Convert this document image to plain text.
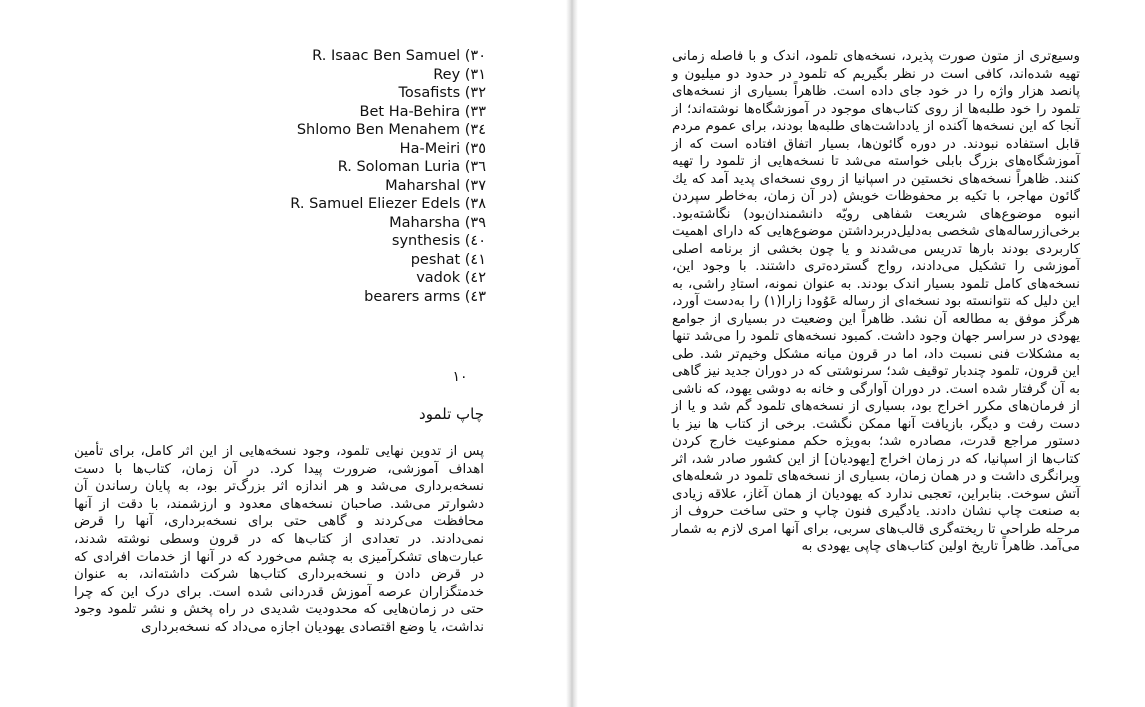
R. Isaac Ben Samuel (٣٠
Rey (٣١
Tosafists (٣٢
Bet Ha-Behira (٣٣
Shlomo Ben Menahem (٣٤
Ha-Meiri (٣٥
R. Soloman Luria (٣٦
Maharshal (٣٧
R. Samuel Eliezer Edels (٣٨
Maharsha (٣٩
synthesis (٤٠
peshat (٤١
vadok (٤٢
bearers arms (٤٣
۱۰
چاپ تلمود

پس از تدوین نهایی تلمود، وجود نسخه‌هایی از این اثر کامل، برای تأمین اهداف آموزشی، ضرورت پیدا کرد. در آن زمان، کتاب‌ها با دست نسخه‌برداری می‌شد و هر اندازه اثر بزرگ‌تر بود، به پایان رساندن آن دشوارتر می‌شد. صاحبان نسخه‌های معدود و ارزشمند، با دقت از آنها محافظت می‌کردند و گاهی حتی برای نسخه‌برداری، آنها را قرض نمی‌دادند. در تعدادی از کتاب‌ها که در قرون وسطی نوشته شدند، عبارت‌های تشکرآمیزی به چشم می‌خورد که در آنها از خدمات افرادی که در قرض دادن و نسخه‌برداری کتاب‌ها شرکت داشته‌اند، به عنوان خدمتگزاران عرصه آموزش قدردانی شده است. برای درک این که چرا حتی در زمان‌هایی که محدودیت شدیدی در راه پخش و نشر تلمود وجود نداشت، یا وضع اقتصادی یهودیان اجازه می‌داد که نسخه‌برداری

وسیع‌تری از متون صورت پذیرد، نسخه‌های تلمود، اندک و با فاصله زمانی تهیه شده‌اند، کافی است در نظر بگیریم که تلمود در حدود دو میلیون و پانصد هزار واژه را در خود جای داده است. ظاهراً بسیاری از نسخه‌های تلمود را خود طلبه‌ها از روی کتاب‌های موجود در آموزشگاه‌ها نوشته‌اند؛ از آنجا که این نسخه‌ها آکنده از یادداشت‌های طلبه‌ها بودند، برای عموم مردم قابل استفاده نبودند. در دوره گائون‌ها، بسیار اتفاق افتاده است که از آموزشگاه‌های بزرگ بابلی خواسته می‌شد تا نسخه‌هایی از تلمود را تهیه کنند. ظاهراً نسخه‌های نخستین در اسپانیا از روی نسخه‌ای پدید آمد که یك گائون مهاجر، با تکیه بر محفوظات خویش (در آن زمان، به‌خاطر سپردن انبوه موضوع‌های شریعت شفاهی رویّه دانشمندان‌بود) نگاشته‌بود. برخی‌ازرساله‌های شخصی به‌دلیل‌دربرداشتن موضوع‌هایی که دارای اهمیت کاربردی بودند بارها تدریس می‌شدند و یا چون بخشی از برنامه اصلی آموزشی را تشکیل می‌دادند، رواج گسترده‌تری داشتند. با وجود این، نسخه‌های کامل تلمود بسیار اندک بودند. به عنوان نمونه، استادِ راشی، به این دلیل که نتوانسته بود نسخه‌ای از رساله عَوُودا زارا(۱) را به‌دست آورد، هرگز موفق به مطالعه آن نشد. ظاهراً این وضعیت در بسیاری از جوامع یهودی در سراسر جهان وجود داشت. کمبود نسخه‌های تلمود را می‌شد تنها به مشکلات فنی نسبت داد، اما در قرون میانه مشکل وخیم‌تر شد. طی این قرون، تلمود چندبار توقیف شد؛ سرنوشتی که در دوران جدید نیز گاهی به آن گرفتار شده است. در دوران آوارگی و خانه به دوشی یهود، که ناشی از فرمان‌های مکرر اخراج بود، بسیاری از نسخه‌های تلمود گم شد و یا از دست رفت و دیگر، بازیافت آنها ممکن نگشت. برخی از کتاب ها نیز با دستور مراجع قدرت، مصادره شد؛ به‌ویژه حکم ممنوعیت خارج کردن کتاب‌ها از اسپانیا، که در زمان اخراج [یهودیان] از این کشور صادر شد، اثر ویرانگری داشت و در همان زمان، بسیاری از نسخه‌های تلمود در شعله‌های آتش سوخت. بنابراین، تعجبی ندارد که یهودیان از همان آغاز، علاقه زیادی به صنعت چاپ نشان دادند. یادگیری فنون چاپ و حتی ساخت حروف از مرحله طراحی تا ریخته‌گری قالب‌های سربی، برای آنها امری لازم به شمار می‌آمد. ظاهراً تاریخ اولین کتاب‌های چاپی یهودی به
